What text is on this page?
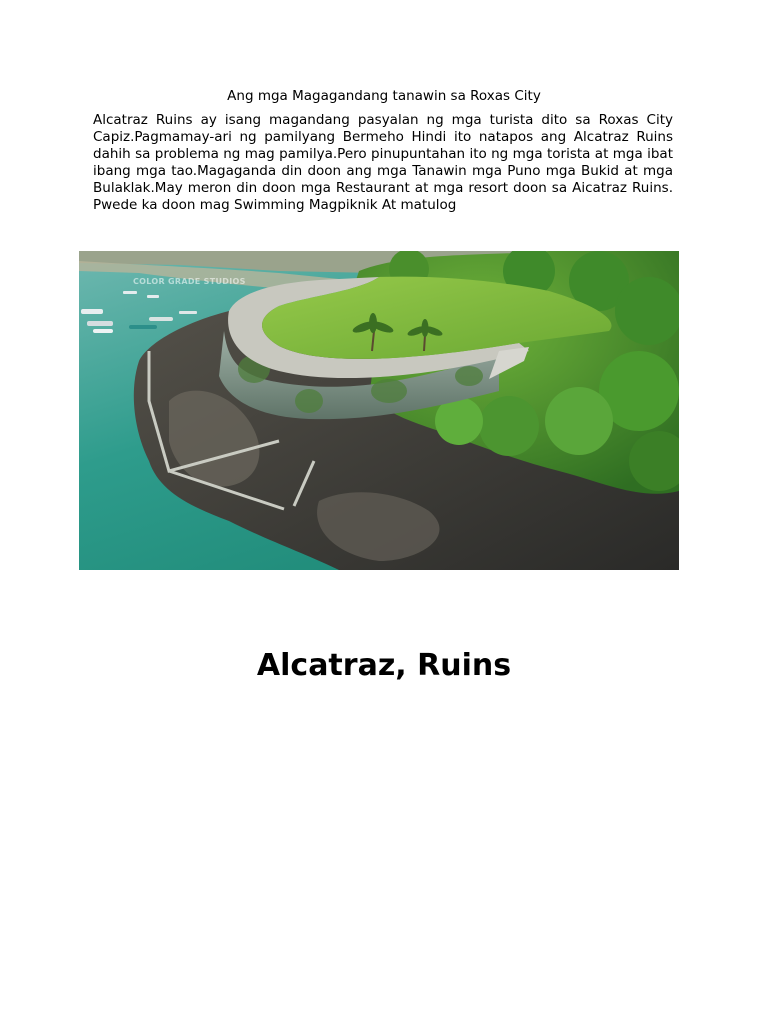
Ang mga Magagandang tanawin sa Roxas City
Alcatraz Ruins ay isang magandang pasyalan ng mga turista dito sa Roxas City Capiz.Pagmamay-ari ng pamilyang Bermeho Hindi ito natapos ang Alcatraz Ruins dahih sa problema ng mag pamilya.Pero pinupuntahan ito ng mga torista at mga ibat ibang mga tao.Magaganda din doon ang mga Tanawin mga Puno mga Bukid at mga Bulaklak.May meron din doon mga Restaurant at mga resort doon sa Aicatraz Ruins. Pwede ka doon mag Swimming Magpiknik At matulog
COLOR GRADE STUDIOS
Alcatraz, Ruins
